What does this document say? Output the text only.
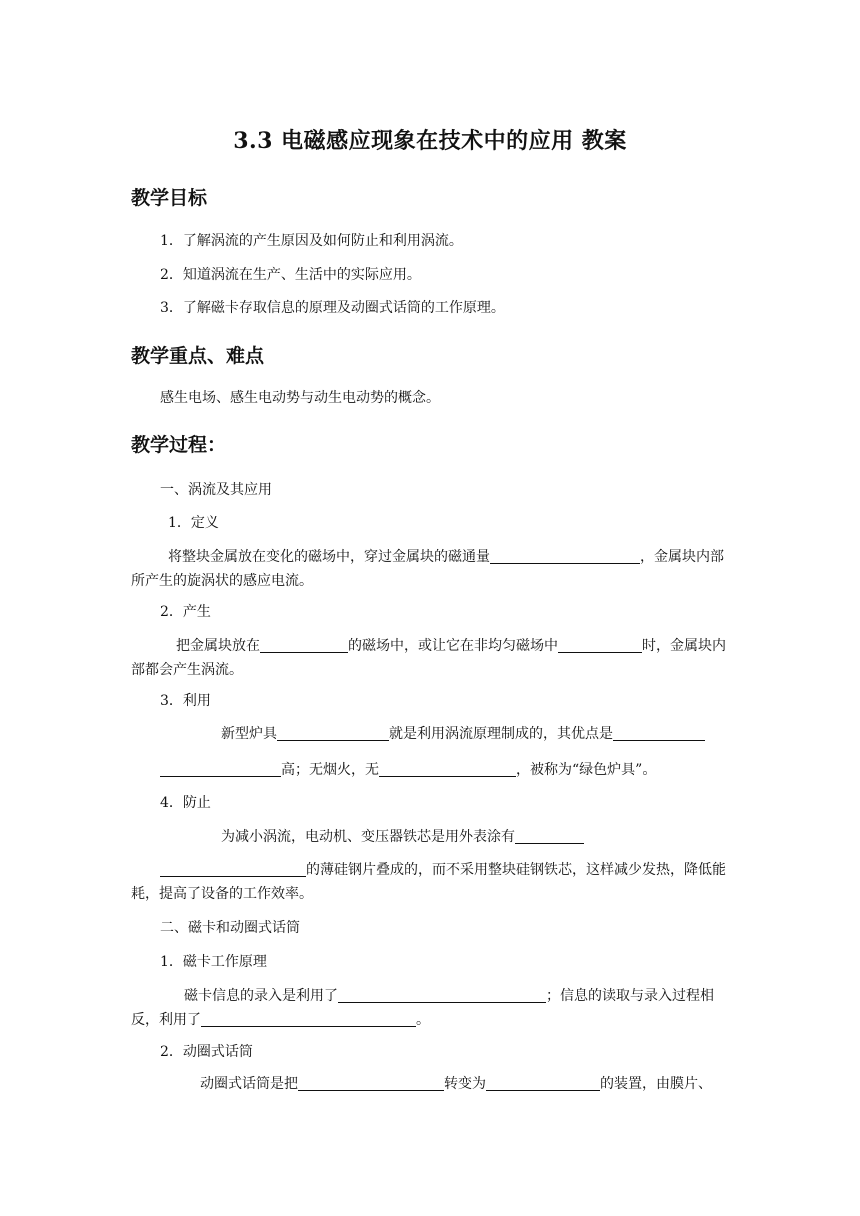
3.3 电磁感应现象在技术中的应用 教案
教学目标
1．了解涡流的产生原因及如何防止和利用涡流。
2．知道涡流在生产、生活中的实际应用。
3．了解磁卡存取信息的原理及动圈式话筒的工作原理。
教学重点、难点
感生电场、感生电动势与动生电动势的概念。
教学过程：
一、涡流及其应用
1．定义
将整块金属放在变化的磁场中，穿过金属块的磁通量	，金属块内部所产生的旋涡状的感应电流。
2．产生
把金属块放在	的磁场中，或让它在非均匀磁场中	时，金属块内部都会产生涡流。
3．利用
新型炉具	就是利用涡流原理制成的，其优点是
高；无烟火，无	，被称为“绿色炉具”。
4．防止
为减小涡流，电动机、变压器铁芯是用外表涂有
的薄硅钢片叠成的，而不采用整块硅钢铁芯，这样减少发热，降低能耗，提高了设备的工作效率。
二、磁卡和动圈式话筒
1．磁卡工作原理
磁卡信息的录入是利用了	；信息的读取与录入过程相反，利用了	。
2．动圈式话筒
动圈式话筒是把	转变为	的装置，由膜片、
